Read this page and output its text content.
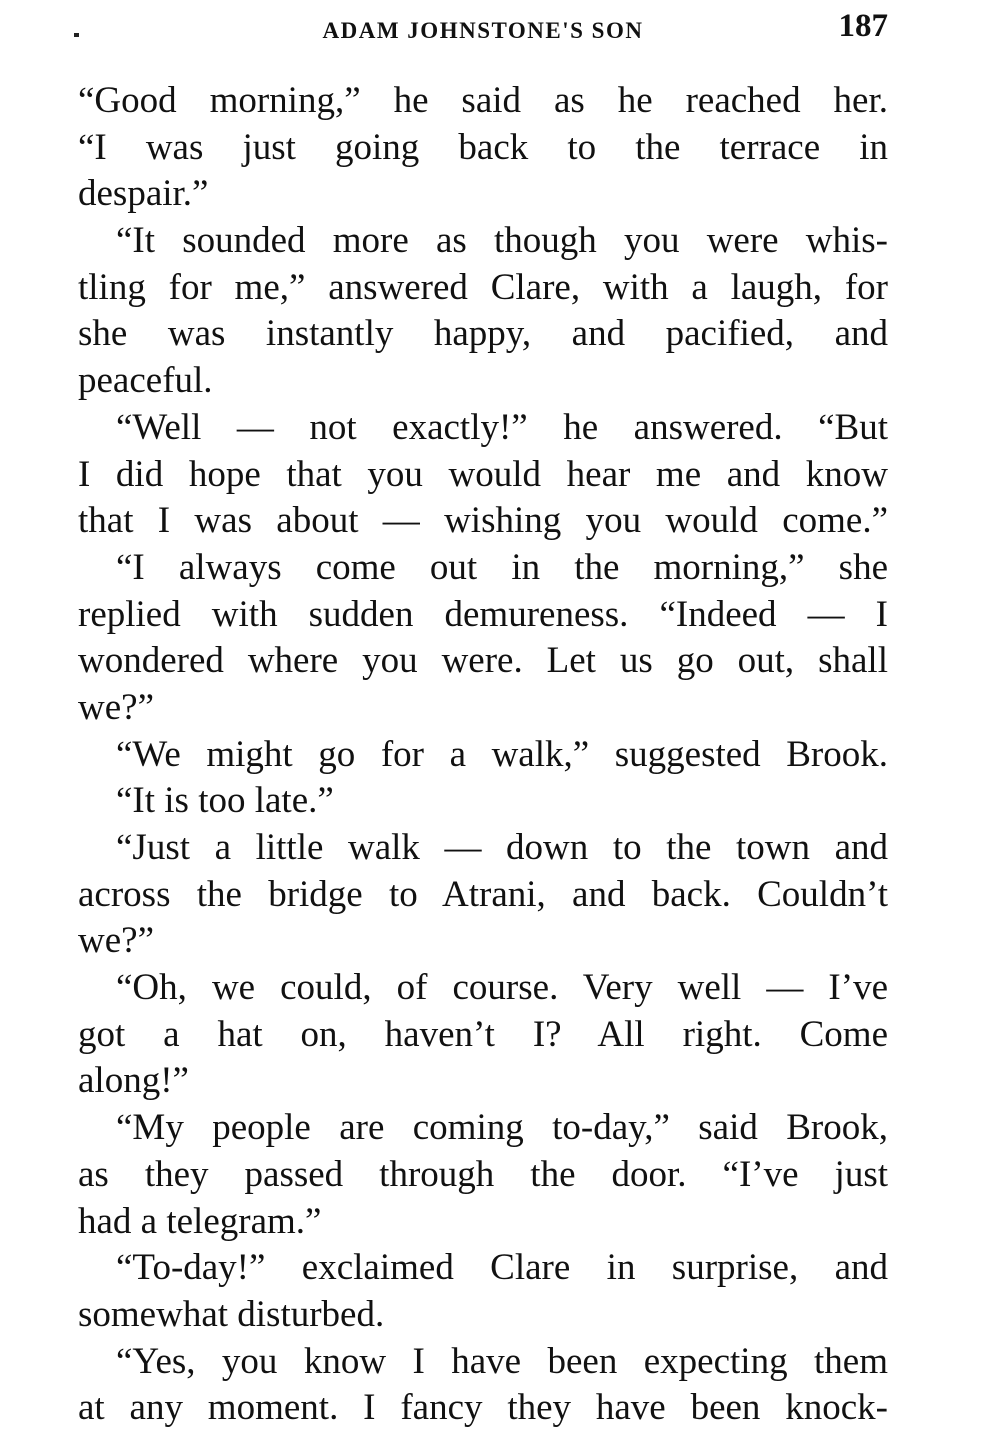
ADAM JOHNSTONE'S SON	187
“Good morning,” he said as he reached her.
“I was just going back to the terrace in
despair.”
“It sounded more as though you were whis-
tling for me,” answered Clare, with a laugh, for
she was instantly happy, and pacified, and
peaceful.
“Well — not exactly!” he answered. “But
I did hope that you would hear me and know
that I was about — wishing you would come.”
“I always come out in the morning,” she
replied with sudden demureness. “Indeed — I
wondered where you were. Let us go out, shall
we?”
“We might go for a walk,” suggested Brook.
“It is too late.”
“Just a little walk — down to the town and
across the bridge to Atrani, and back. Couldn’t
we?”
“Oh, we could, of course. Very well — I’ve
got a hat on, haven’t I? All right. Come
along!”
“My people are coming to-day,” said Brook,
as they passed through the door. “I’ve just
had a telegram.”
“To-day!” exclaimed Clare in surprise, and
somewhat disturbed.
“Yes, you know I have been expecting them
at any moment. I fancy they have been knock-
